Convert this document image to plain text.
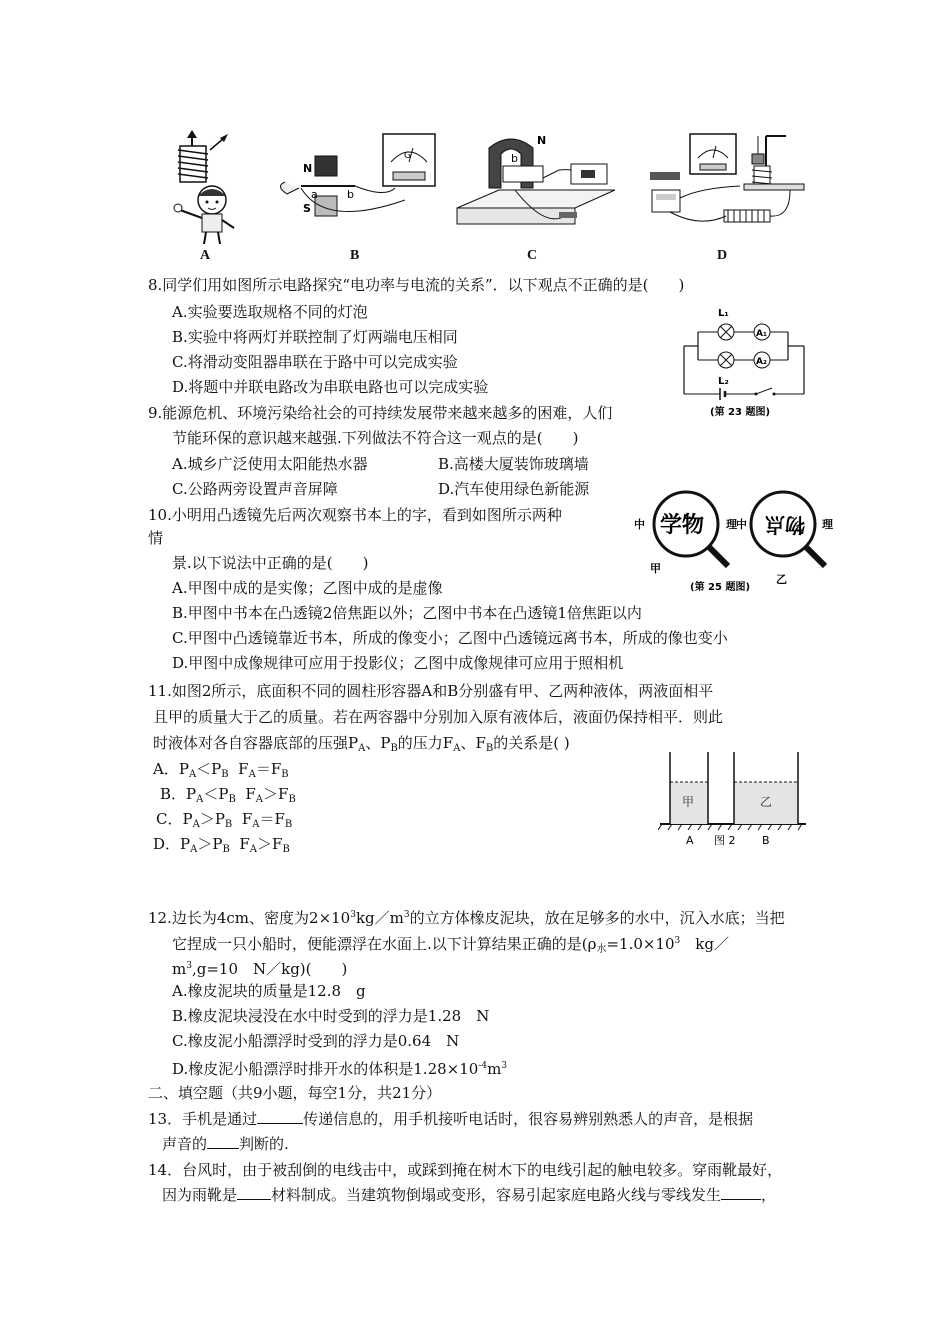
A
N
S
a	b
G
B
N
b
C	D
8.同学们用如图所示电路探究“电功率与电流的关系”．以下观点不正确的是(　　)
A.实验要选取规格不同的灯泡
B.实验中将两灯并联控制了灯两端电压相同
C.将滑动变阻器串联在于路中可以完成实验
D.将题中并联电路改为串联电路也可以完成实验
L₁
A₁
A₂
L₂
(第 23 题图)
9.能源危机、环境污染给社会的可持续发展带来越来越多的困难，人们
节能环保的意识越来越强.下列做法不符合这一观点的是(　　)
A.城乡广泛使用太阳能热水器	B.高楼大厦装饰玻璃墙
C.公路两旁设置声音屏障	D.汽车使用绿色新能源
10.小明用凸透镜先后两次观察书本上的字，看到如图所示两种
情
景.以下说法中正确的是(　　)
中 学物 理 中 物点 理
甲
乙
(第 25 题图)
A.甲图中成的是实像；乙图中成的是虚像
B.甲图中书本在凸透镜2倍焦距以外；乙图中书本在凸透镜1倍焦距以内
C.甲图中凸透镜靠近书本，所成的像变小；乙图中凸透镜远离书本，所成的像也变小
D.甲图中成像规律可应用于投影仪；乙图中成像规律可应用于照相机
11.如图2所示，底面积不同的圆柱形容器A和B分别盛有甲、乙两种液体，两液面相平
且甲的质量大于乙的质量。若在两容器中分别加入原有液体后，液面仍保持相平．则此
时液体对各自容器底部的压强$P_A$、$P_B$的压力$F_A$、$F_B$的关系是( )
A．$P_A<P_B$ $F_A=F_B$
B．$P_A<P_B$ $F_A>F_B$
C．$P_A>P_B$ $F_A=F_B$
D．$P_A>P_B$ $F_A>F_B$
甲	乙
A	B
图 2
12.边长为4cm、密度为$2\times 10^3kg/m^3$的立方体橡皮泥块，放在足够多的水中，沉入水底；当把
它捏成一只小船时，便能漂浮在水面上.以下计算结果正确的是($\rho_水=1.0\times 10^3$　kg／
$m^3,g=10$　N／kg)(　　)
A.橡皮泥块的质量是12.8　g
B.橡皮泥块浸没在水中时受到的浮力是1.28　N
C.橡皮泥小船漂浮时受到的浮力是0.64　N
D.橡皮泥小船漂浮时排开水的体积是$1.28\times 10^{-4}m^3$
二、填空题（共9小题，每空1分，共21分）
13．手机是通过	传递信息的，用手机接听电话时，很容易辨别熟悉人的声音，是根据
声音的 判断的.
14．台风时，由于被刮倒的电线击中，或踩到掩在树木下的电线引起的触电较多。穿雨靴最好，
因为雨靴是 材料制成。当建筑物倒塌或变形，容易引起家庭电路火线与零线发生	，
